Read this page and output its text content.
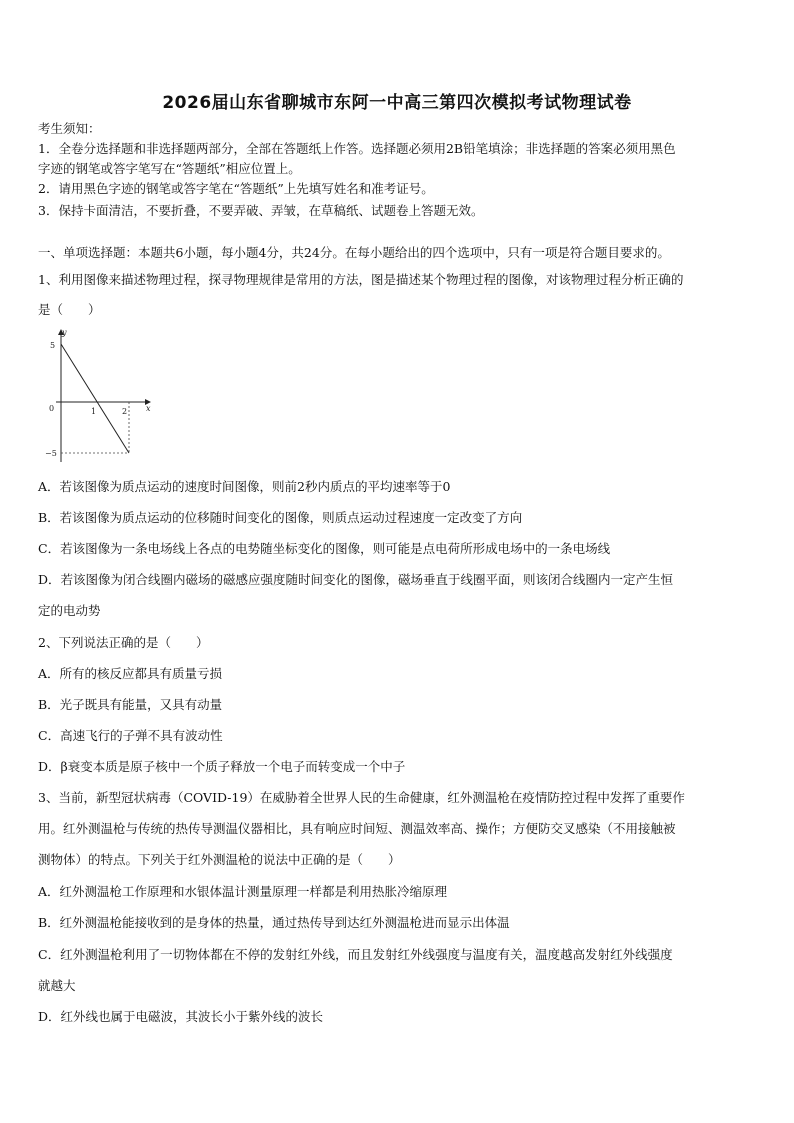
2026届山东省聊城市东阿一中高三第四次模拟考试物理试卷
考生须知：
1．全卷分选择题和非选择题两部分，全部在答题纸上作答。选择题必须用2B铅笔填涂；非选择题的答案必须用黑色
字迹的钢笔或答字笔写在“答题纸”相应位置上。
2．请用黑色字迹的钢笔或答字笔在“答题纸”上先填写姓名和准考证号。
3．保持卡面清洁，不要折叠，不要弄破、弄皱，在草稿纸、试题卷上答题无效。
一、单项选择题：本题共6小题，每小题4分，共24分。在每小题给出的四个选项中，只有一项是符合题目要求的。
1、利用图像来描述物理过程，探寻物理规律是常用的方法，图是描述某个物理过程的图像，对该物理过程分析正确的
是（　　）
y
x
5
0
−5
1	2
A．若该图像为质点运动的速度时间图像，则前2秒内质点的平均速率等于0
B．若该图像为质点运动的位移随时间变化的图像，则质点运动过程速度一定改变了方向
C．若该图像为一条电场线上各点的电势随坐标变化的图像，则可能是点电荷所形成电场中的一条电场线
D．若该图像为闭合线圈内磁场的磁感应强度随时间变化的图像，磁场垂直于线圈平面，则该闭合线圈内一定产生恒
定的电动势
2、下列说法正确的是（　　）
A．所有的核反应都具有质量亏损
B．光子既具有能量，又具有动量
C．高速飞行的子弹不具有波动性
D．β衰变本质是原子核中一个质子释放一个电子而转变成一个中子
3、当前，新型冠状病毒（COVID-19）在威胁着全世界人民的生命健康，红外测温枪在疫情防控过程中发挥了重要作
用。红外测温枪与传统的热传导测温仪器相比，具有响应时间短、测温效率高、操作；方便防交叉感染（不用接触被
测物体）的特点。下列关于红外测温枪的说法中正确的是（　　）
A．红外测温枪工作原理和水银体温计测量原理一样都是利用热胀冷缩原理
B．红外测温枪能接收到的是身体的热量，通过热传导到达红外测温枪进而显示出体温
C．红外测温枪利用了一切物体都在不停的发射红外线，而且发射红外线强度与温度有关，温度越高发射红外线强度
就越大
D．红外线也属于电磁波，其波长小于紫外线的波长
